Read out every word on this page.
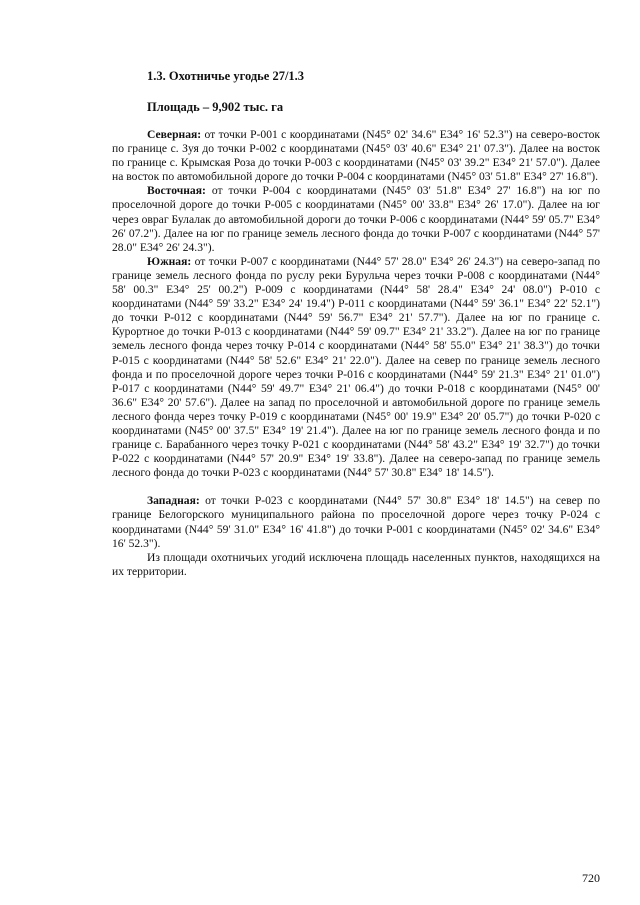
1.3. Охотничье угодье 27/1.3

Площадь – 9,902 тыс. га

Северная: от точки Р-001 с координатами (N45° 02' 34.6" E34° 16' 52.3") на северо-восток по границе с. Зуя до точки Р-002 с координатами (N45° 03' 40.6" E34° 21' 07.3"). Далее на восток по границе с. Крымская Роза до точки Р-003 с координатами (N45° 03' 39.2" E34° 21' 57.0"). Далее на восток по автомобильной дороге до точки Р-004 с координатами (N45° 03' 51.8" E34° 27' 16.8").

Восточная: от точки Р-004 с координатами (N45° 03' 51.8" E34° 27' 16.8") на юг по проселочной дороге до точки Р-005 с координатами (N45° 00' 33.8" E34° 26' 17.0"). Далее на юг через овраг Булалак до автомобильной дороги до точки Р-006 с координатами (N44° 59' 05.7" E34° 26' 07.2"). Далее на юг по границе земель лесного фонда до точки Р-007 с координатами (N44° 57' 28.0" E34° 26' 24.3").

Южная: от точки Р-007 с координатами (N44° 57' 28.0" E34° 26' 24.3") на северо-запад по границе земель лесного фонда по руслу реки Бурульча через точки Р-008 с координатами (N44° 58' 00.3" E34° 25' 00.2") Р-009 с координатами (N44° 58' 28.4" E34° 24' 08.0") Р-010 с координатами (N44° 59' 33.2" E34° 24' 19.4") Р-011 с координатами (N44° 59' 36.1" E34° 22' 52.1") до точки Р-012 с координатами (N44° 59' 56.7" E34° 21' 57.7"). Далее на юг по границе с. Курортное до точки Р-013 с координатами (N44° 59' 09.7" E34° 21' 33.2"). Далее на юг по границе земель лесного фонда через точку Р-014 с координатами (N44° 58' 55.0" E34° 21' 38.3") до точки Р-015 с координатами (N44° 58' 52.6" E34° 21' 22.0"). Далее на север по границе земель лесного фонда и по проселочной дороге через точки Р-016 с координатами (N44° 59' 21.3" E34° 21' 01.0") Р-017 с координатами (N44° 59' 49.7" E34° 21' 06.4") до точки Р-018 с координатами (N45° 00' 36.6" E34° 20' 57.6"). Далее на запад по проселочной и автомобильной дороге по границе земель лесного фонда через точку Р-019 с координатами (N45° 00' 19.9" E34° 20' 05.7") до точки Р-020 с координатами (N45° 00' 37.5" E34° 19' 21.4"). Далее на юг по границе земель лесного фонда и по границе с. Барабанного через точку Р-021 с координатами (N44° 58' 43.2" E34° 19' 32.7") до точки Р-022 с координатами (N44° 57' 20.9" E34° 19' 33.8"). Далее на северо-запад по границе земель лесного фонда до точки Р-023 с координатами (N44° 57' 30.8" E34° 18' 14.5").

Западная: от точки Р-023 с координатами (N44° 57' 30.8" E34° 18' 14.5") на север по границе Белогорского муниципального района по проселочной дороге через точку Р-024 с координатами (N44° 59' 31.0" E34° 16' 41.8") до точки Р-001 с координатами (N45° 02' 34.6" E34° 16' 52.3").

Из площади охотничьих угодий исключена площадь населенных пунктов, находящихся на их территории.

720
